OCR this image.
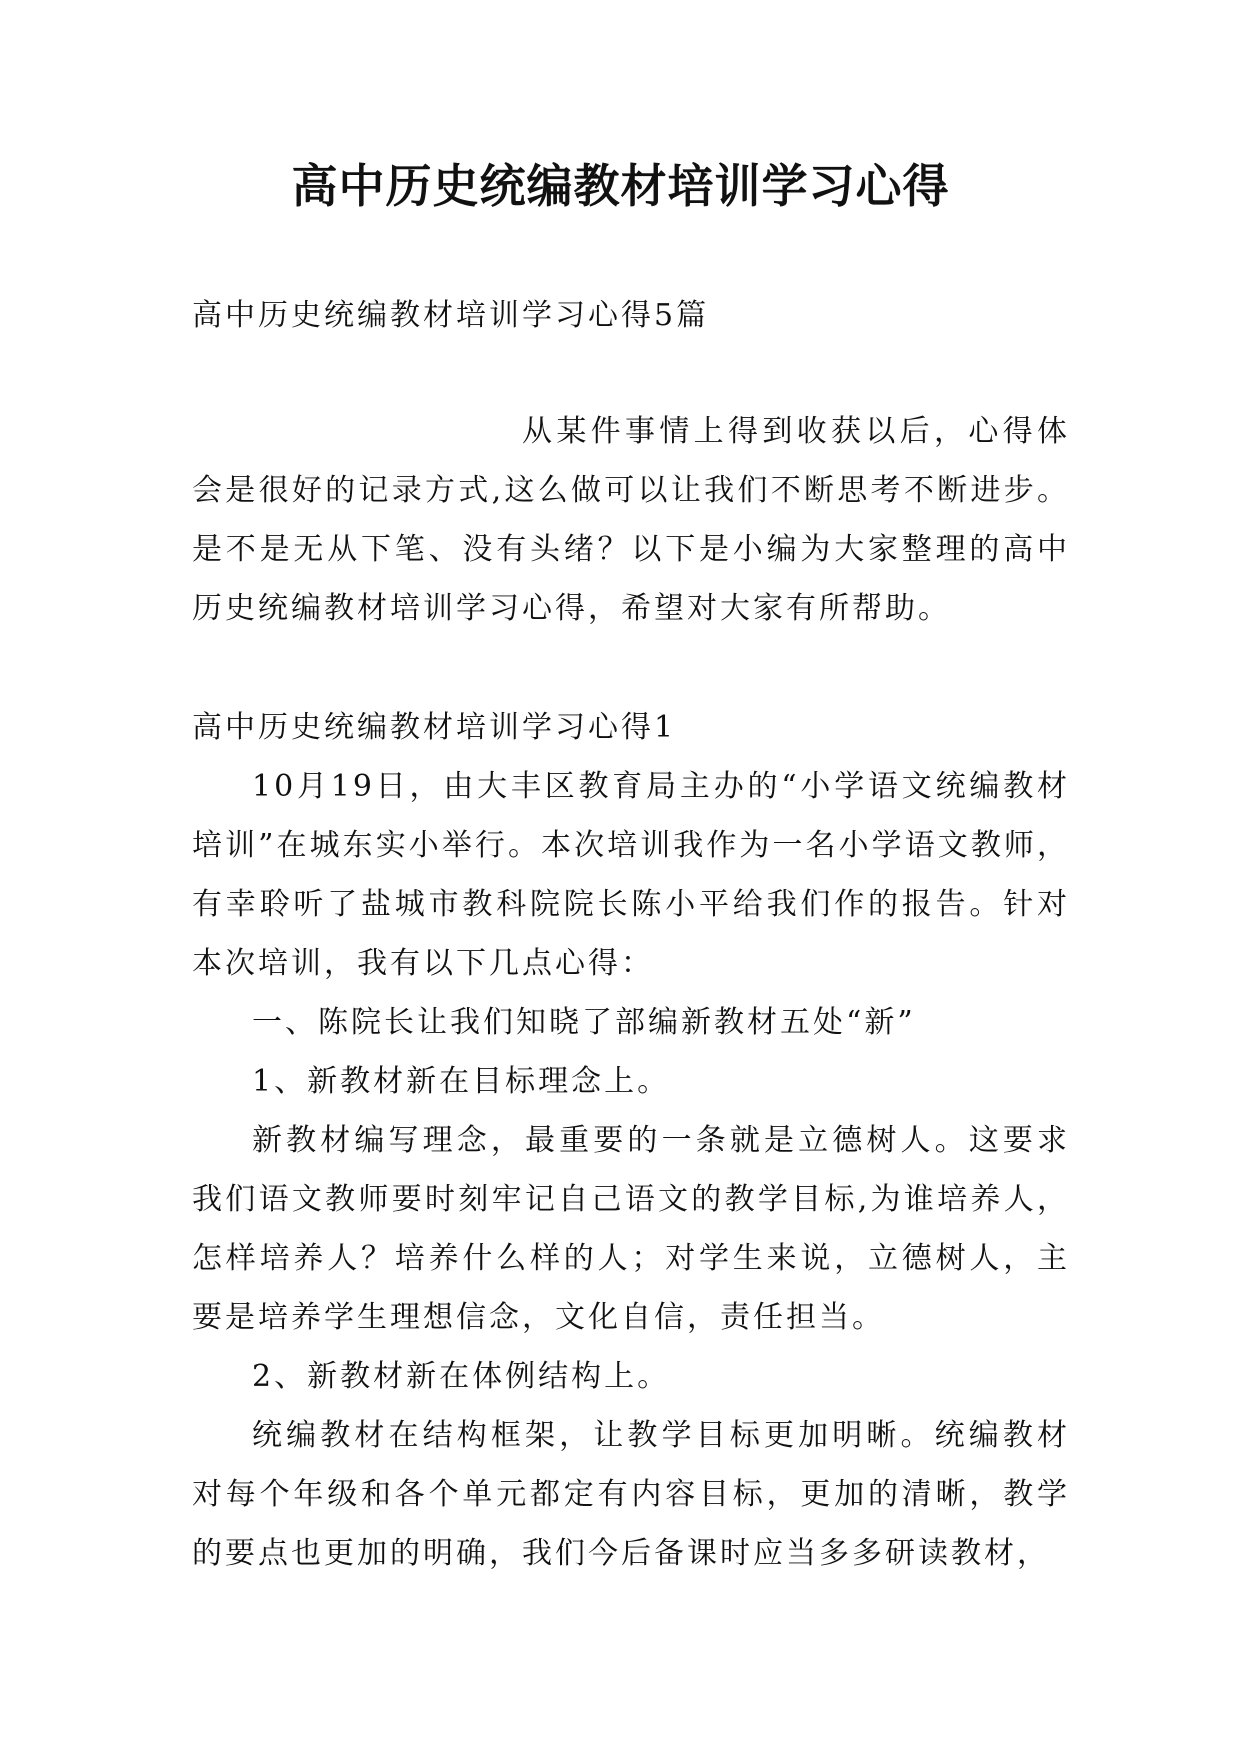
高中历史统编教材培训学习心得
高中历史统编教材培训学习心得5篇

从某件事情上得到收获以后，心得体会是很好的记录方式,这么做可以让我们不断思考不断进步。是不是无从下笔、没有头绪？以下是小编为大家整理的高中历史统编教材培训学习心得，希望对大家有所帮助。

高中历史统编教材培训学习心得1

10月19日，由大丰区教育局主办的“小学语文统编教材培训”在城东实小举行。本次培训我作为一名小学语文教师，有幸聆听了盐城市教科院院长陈小平给我们作的报告。针对本次培训，我有以下几点心得：

一、陈院长让我们知晓了部编新教材五处“新”

1、新教材新在目标理念上。

新教材编写理念，最重要的一条就是立德树人。这要求我们语文教师要时刻牢记自己语文的教学目标,为谁培养人，怎样培养人？培养什么样的人；对学生来说，立德树人，主要是培养学生理想信念，文化自信，责任担当。

2、新教材新在体例结构上。

统编教材在结构框架，让教学目标更加明晰。统编教材对每个年级和各个单元都定有内容目标，更加的清晰，教学的要点也更加的明确，我们今后备课时应当多多研读教材，
